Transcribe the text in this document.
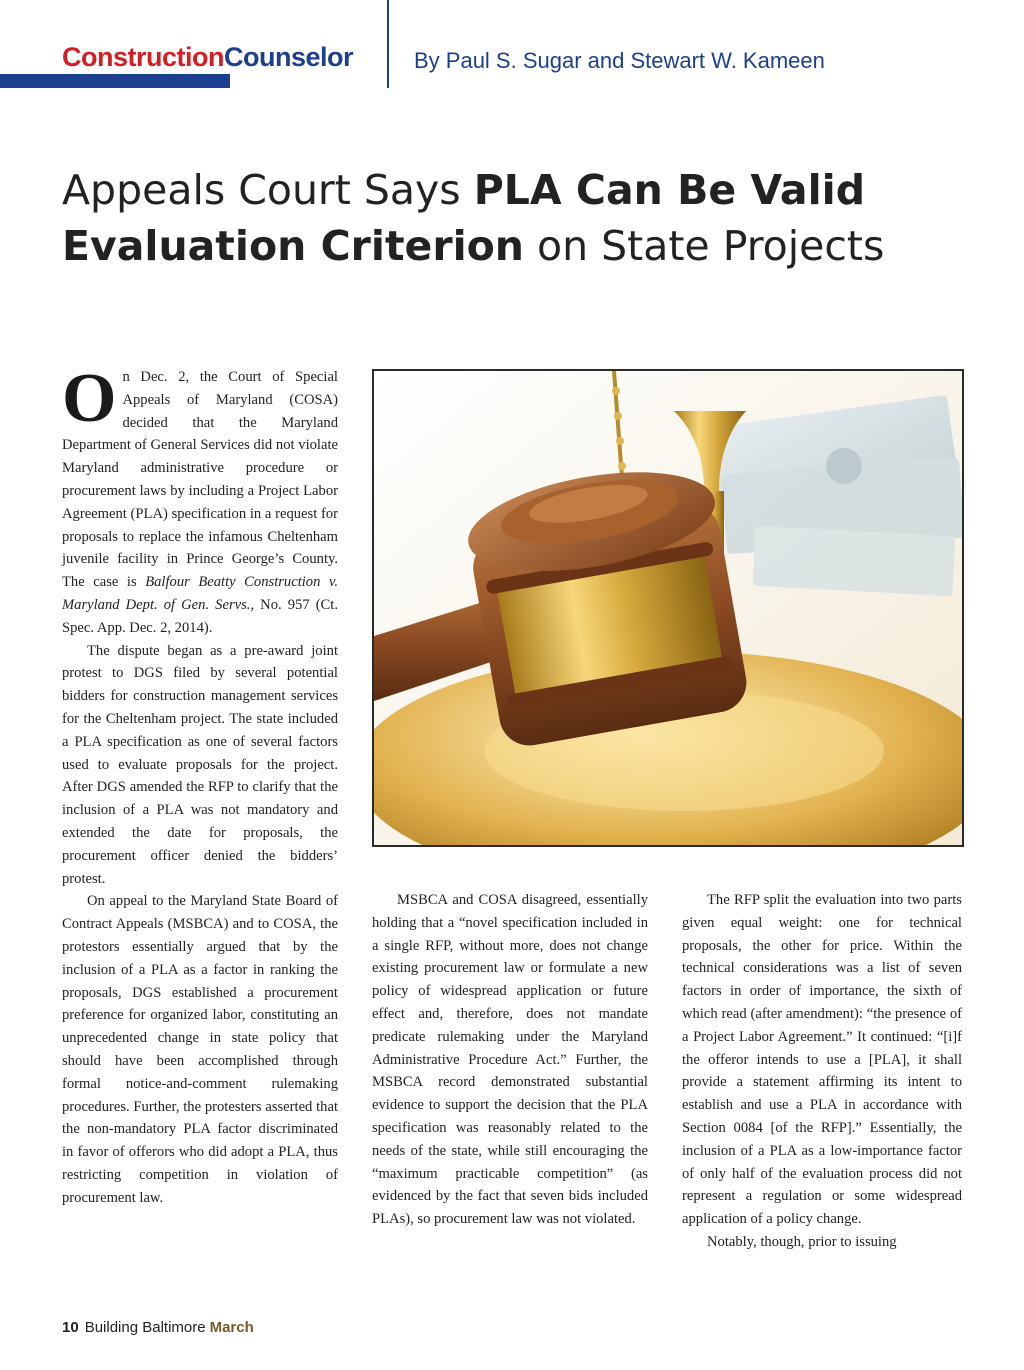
ConstructionCounselor	By Paul S. Sugar and Stewart W. Kameen
Appeals Court Says PLA Can Be Valid
Evaluation Criterion on State Projects

On Dec. 2, the Court of Special Appeals of Maryland (COSA) decided that the Maryland Department of General Services did not violate Maryland administrative procedure or procurement laws by including a Project Labor Agreement (PLA) specification in a request for proposals to replace the infamous Cheltenham juvenile facility in Prince George’s County. The case is Balfour Beatty Construction v. Maryland Dept. of Gen. Servs., No. 957 (Ct. Spec. App. Dec. 2, 2014).

The dispute began as a pre-award joint protest to DGS filed by several potential bidders for construction management services for the Cheltenham project. The state included a PLA specification as one of several factors used to evaluate proposals for the project. After DGS amended the RFP to clarify that the inclusion of a PLA was not mandatory and extended the date for proposals, the procurement officer denied the bidders’ protest.

On appeal to the Maryland State Board of Contract Appeals (MSBCA) and to COSA, the protestors essentially argued that by the inclusion of a PLA as a factor in ranking the proposals, DGS established a procurement preference for organized labor, constituting an unprecedented change in state policy that should have been accomplished through formal notice-and-comment rulemaking procedures. Further, the protesters asserted that the non-mandatory PLA factor discriminated in favor of offerors who did adopt a PLA, thus restricting competition in violation of procurement law.

MSBCA and COSA disagreed, essentially holding that a “novel specification included in a single RFP, without more, does not change existing procurement law or formulate a new policy of widespread application or future effect and, therefore, does not mandate predicate rulemaking under the Maryland Administrative Procedure Act.” Further, the MSBCA record demonstrated substantial evidence to support the decision that the PLA specification was reasonably related to the needs of the state, while still encouraging the “maximum practicable competition” (as evidenced by the fact that seven bids included PLAs), so procurement law was not violated.

The RFP split the evaluation into two parts given equal weight: one for technical proposals, the other for price. Within the technical considerations was a list of seven factors in order of importance, the sixth of which read (after amendment): “the presence of a Project Labor Agreement.” It continued: “[i]f the offeror intends to use a [PLA], it shall provide a statement affirming its intent to establish and use a PLA in accordance with Section 0084 [of the RFP].” Essentially, the inclusion of a PLA as a low-importance factor of only half of the evaluation process did not represent a regulation or some widespread application of a policy change.

Notably, though, prior to issuing

10 Building Baltimore March
